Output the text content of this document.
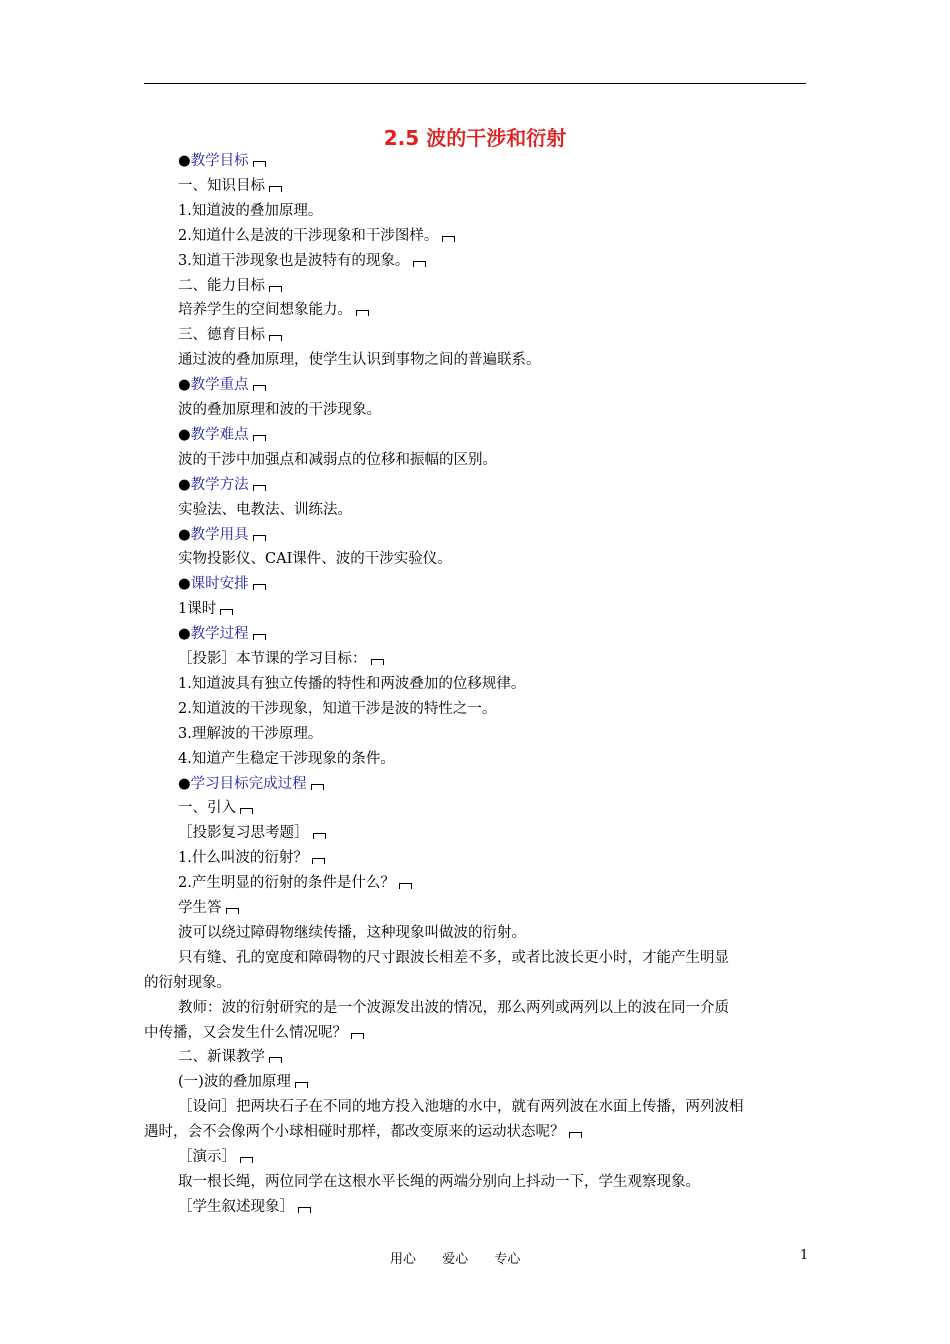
2.5 波的干涉和衍射
●教学目标
一、知识目标
1.知道波的叠加原理。
2.知道什么是波的干涉现象和干涉图样。
3.知道干涉现象也是波特有的现象。
二、能力目标
培养学生的空间想象能力。
三、德育目标
通过波的叠加原理，使学生认识到事物之间的普遍联系。
●教学重点
波的叠加原理和波的干涉现象。
●教学难点
波的干涉中加强点和减弱点的位移和振幅的区别。
●教学方法
实验法、电教法、训练法。
●教学用具
实物投影仪、CAI课件、波的干涉实验仪。
●课时安排
1课时
●教学过程
［投影］本节课的学习目标：
1.知道波具有独立传播的特性和两波叠加的位移规律。
2.知道波的干涉现象，知道干涉是波的特性之一。
3.理解波的干涉原理。
4.知道产生稳定干涉现象的条件。
●学习目标完成过程
一、引入
［投影复习思考题］
1.什么叫波的衍射？
2.产生明显的衍射的条件是什么？
学生答
波可以绕过障碍物继续传播，这种现象叫做波的衍射。
只有缝、孔的宽度和障碍物的尺寸跟波长相差不多，或者比波长更小时，才能产生明显
的衍射现象。
教师：波的衍射研究的是一个波源发出波的情况，那么两列或两列以上的波在同一介质
中传播，又会发生什么情况呢？
二、新课教学
(一)波的叠加原理
［设问］把两块石子在不同的地方投入池塘的水中，就有两列波在水面上传播，两列波相
遇时，会不会像两个小球相碰时那样，都改变原来的运动状态呢？
［演示］
取一根长绳，两位同学在这根水平长绳的两端分别向上抖动一下，学生观察现象。
［学生叙述现象］
用心 爱心 专心	1
